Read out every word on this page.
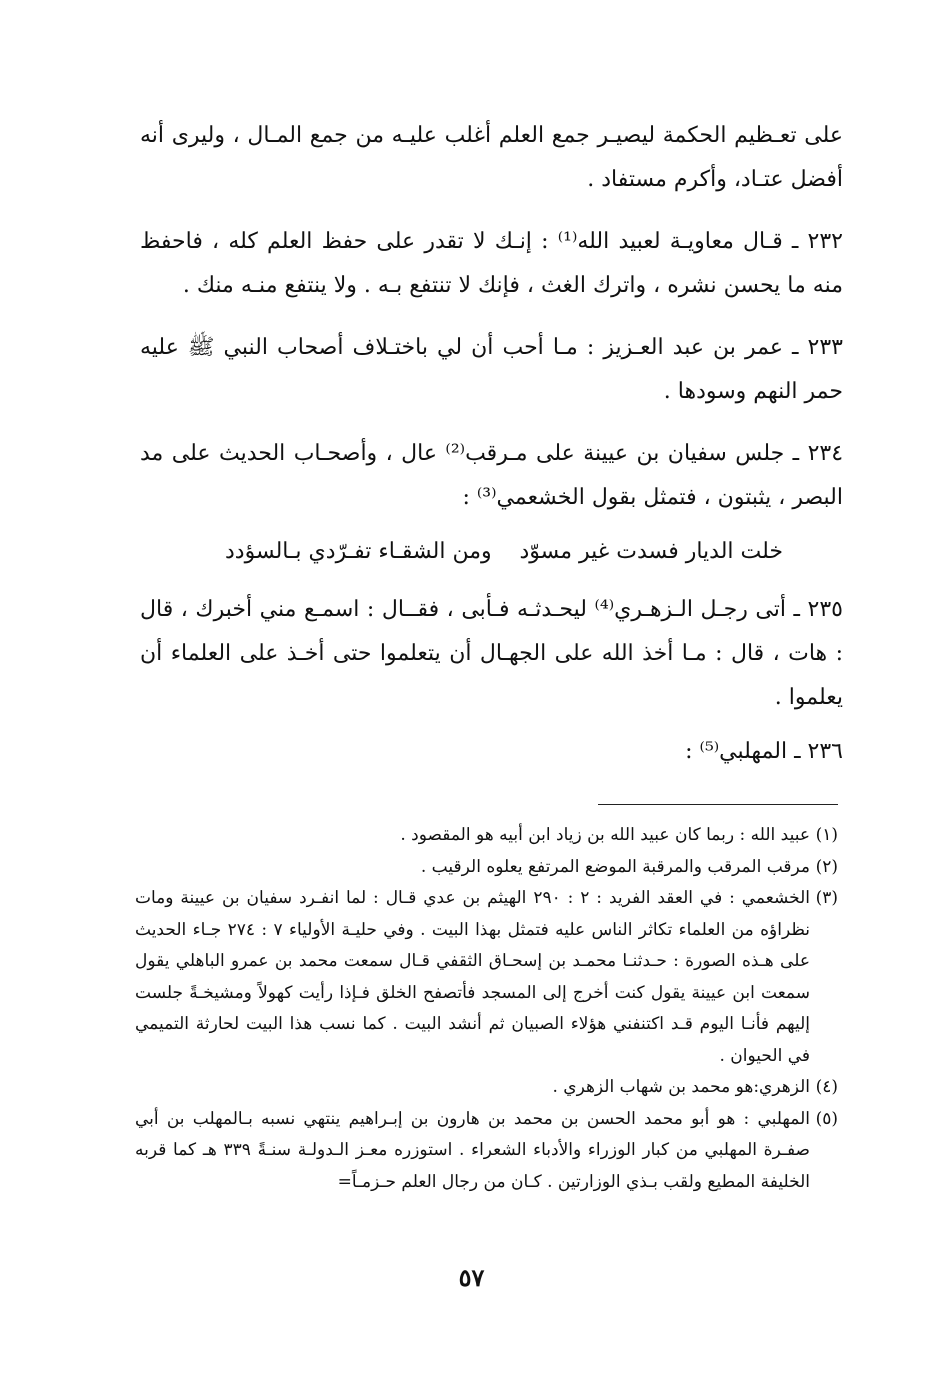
على تعـظيم الحكمة ليصيـر جمع العلم أغلب عليـه من جمع المـال ، وليرى أنه أفضل عتـاد، وأكرم مستفاد .

٢٣٢ ـ قـال معاويـة لعبيد الله⁽¹⁾ : إنـك لا تقدر على حفظ العلم كله ، فاحفظ منه ما يحسن نشره ، واترك الغث ، فإنك لا تنتفع بـه . ولا ينتفع منـه منك .

٢٣٣ ـ عمر بن عبد العـزيز : مـا أحب أن لي باختـلاف أصحاب النبي ﷺ عليه حمر النهم وسودها .

٢٣٤ ـ جلس سفيان بن عيينة على مـرقب⁽²⁾ عال ، وأصحـاب الحديث على مد البصر ، يثبتون ، فتمثل بقول الخشعمي⁽³⁾ :

خلت الديار فسدت غير مسوّد
ومن الشقـاء تفـرّدي بـالسؤدد

٢٣٥ ـ أتى رجـل الـزهـري⁽⁴⁾ ليحـدثـه فـأبى ، فقــال : اسمـع مني أخبرك ، قال : هات ، قال : مـا أخذ الله على الجهـال أن يتعلموا حتى أخـذ على العلماء أن يعلموا .

٢٣٦ ـ المهلبي⁽⁵⁾ :

(١)
عبيد الله : ربما كان عبيد الله بن زياد ابن أبيه هو المقصود .
(٢)
مرقب المرقب والمرقبة الموضع المرتفع يعلوه الرقيب .
(٣)
الخشعمي : في العقد الفريد : ٢ : ٢٩٠ الهيثم بن عدي قـال : لما انفـرد سفيان بن عيينة ومات نظراؤه من العلماء تكاثر الناس عليه فتمثل بهذا البيت . وفي حليـة الأولياء ٧ : ٢٧٤ جـاء الحديث على هـذه الصورة : حـدثنـا محمـد بن إسحـاق الثقفي قـال سمعت محمد بن عمرو الباهلي يقول سمعت ابن عيينة يقول كنت أخرج إلى المسجد فأتصفح الخلق فـإذا رأيت كهولاً ومشيخـةً جلست إليهم فأنـا اليوم قـد اكتنفني هؤلاء الصبيان ثم أنشد البيت . كما نسب هذا البيت لحارثة التميمي في الحيوان .
(٤)
الزهري:هو محمد بن شهاب الزهري .
(٥)
المهلبي : هو أبو محمد الحسن بن محمد بن هارون بن إبـراهيم ينتهي نسبه بـالمهلب بن أبي صفـرة المهلبي من كبار الوزراء والأدباء الشعراء . استوزره معـز الـدولـة سنـةً ٣٣٩ هـ كما قربه الخليفة المطيع ولقب بـذي الوزارتين . كـان من رجال العلم حـزمـاً=
٥٧
